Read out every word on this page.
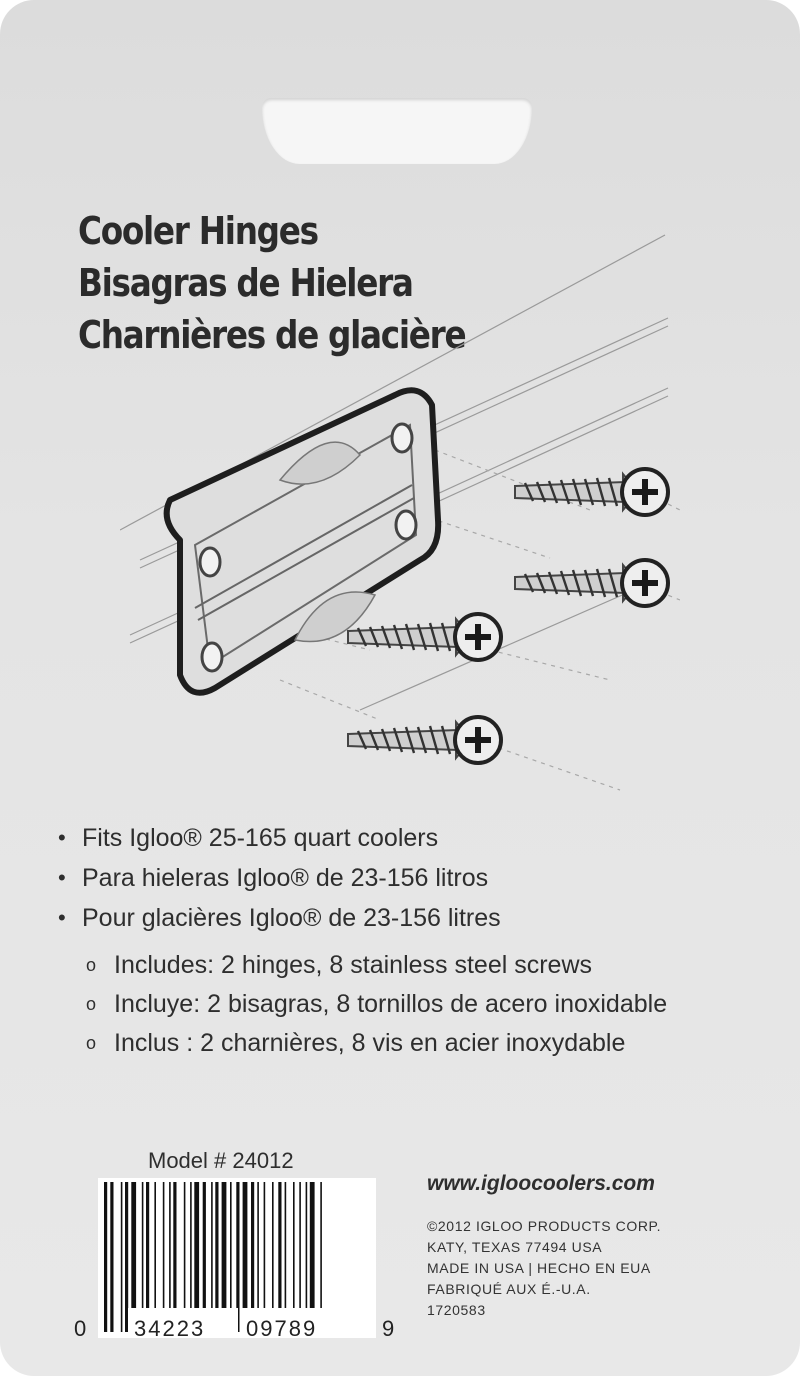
Cooler Hinges
Bisagras de Hielera
Charnières de glacière
• Fits Igloo® 25-165 quart coolers
• Para hieleras Igloo® de 23-156 litros
• Pour glacières Igloo® de 23-156 litres
o Includes: 2 hinges, 8 stainless steel screws
o Incluye: 2 bisagras, 8 tornillos de acero inoxidable
o Inclus : 2 charnières, 8 vis en acier inoxydable
Model # 24012
0 34223 09789	9
www.igloocoolers.com
©2012 IGLOO PRODUCTS CORP.
KATY, TEXAS 77494 USA
MADE IN USA | HECHO EN EUA
FABRIQUÉ AUX É.-U.A.
1720583
